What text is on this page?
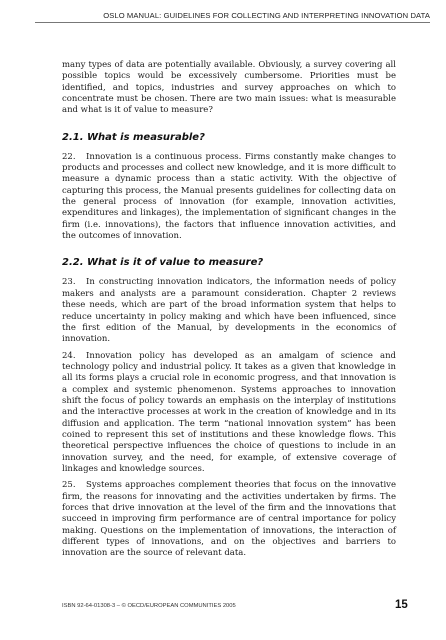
OSLO MANUAL: GUIDELINES FOR COLLECTING AND INTERPRETING INNOVATION DATA

many types of data are potentially available. Obviously, a survey covering all possible topics would be excessively cumbersome. Priorities must be identified, and topics, industries and survey approaches on which to concentrate must be chosen. There are two main issues: what is measurable and what is it of value to measure?

2.1. What is measurable?

22. Innovation is a continuous process. Firms constantly make changes to products and processes and collect new knowledge, and it is more difficult to measure a dynamic process than a static activity. With the objective of capturing this process, the Manual presents guidelines for collecting data on the general process of innovation (for example, innovation activities, expenditures and linkages), the implementation of significant changes in the firm (i.e. innovations), the factors that influence innovation activities, and the outcomes of innovation.

2.2. What is it of value to measure?

23. In constructing innovation indicators, the information needs of policy makers and analysts are a paramount consideration. Chapter 2 reviews these needs, which are part of the broad information system that helps to reduce uncertainty in policy making and which have been influenced, since the first edition of the Manual, by developments in the economics of innovation.

24. Innovation policy has developed as an amalgam of science and technology policy and industrial policy. It takes as a given that knowledge in all its forms plays a crucial role in economic progress, and that innovation is a complex and systemic phenomenon. Systems approaches to innovation shift the focus of policy towards an emphasis on the interplay of institutions and the interactive processes at work in the creation of knowledge and in its diffusion and application. The term “national innovation system” has been coined to represent this set of institutions and these knowledge flows. This theoretical perspective influences the choice of questions to include in an innovation survey, and the need, for example, of extensive coverage of linkages and knowledge sources.

25. Systems approaches complement theories that focus on the innovative firm, the reasons for innovating and the activities undertaken by firms. The forces that drive innovation at the level of the firm and the innovations that succeed in improving firm performance are of central importance for policy making. Questions on the implementation of innovations, the interaction of different types of innovations, and on the objectives and barriers to innovation are the source of relevant data.

ISBN 92-64-01308-3 – © OECD/EUROPEAN COMMUNITIES 2005	15
